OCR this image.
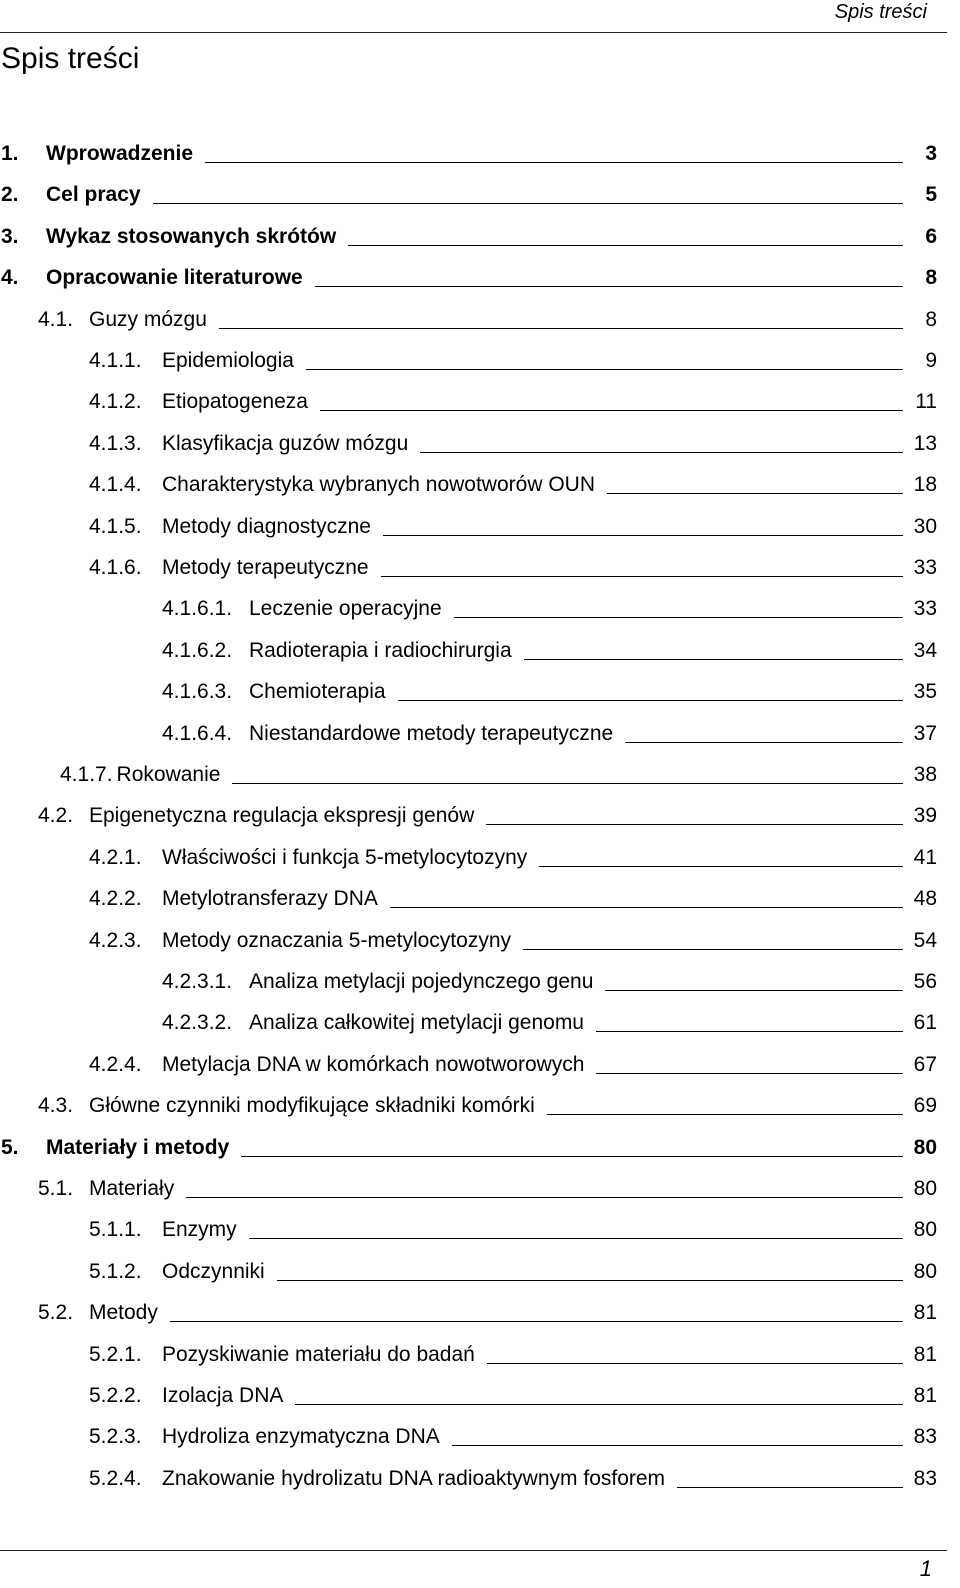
Spis treści
Spis treści
1. Wprowadzenie	3
2. Cel pracy	5
3. Wykaz stosowanych skrótów	6
4. Opracowanie literaturowe	8
4.1. Guzy mózgu	8
4.1.1. Epidemiologia	9
4.1.2. Etiopatogeneza	11
4.1.3. Klasyfikacja guzów mózgu	13
4.1.4. Charakterystyka wybranych nowotworów OUN	18
4.1.5. Metody diagnostyczne	30
4.1.6. Metody terapeutyczne	33
4.1.6.1. Leczenie operacyjne	33
4.1.6.2. Radioterapia i radiochirurgia	34
4.1.6.3. Chemioterapia	35
4.1.6.4. Niestandardowe metody terapeutyczne	37
4.1.7. Rokowanie	38
4.2. Epigenetyczna regulacja ekspresji genów	39
4.2.1. Właściwości i funkcja 5-metylocytozyny	41
4.2.2. Metylotransferazy DNA	48
4.2.3. Metody oznaczania 5-metylocytozyny	54
4.2.3.1. Analiza metylacji pojedynczego genu	56
4.2.3.2. Analiza całkowitej metylacji genomu	61
4.2.4. Metylacja DNA w komórkach nowotworowych	67
4.3. Główne czynniki modyfikujące składniki komórki	69
5. Materiały i metody	80
5.1. Materiały	80
5.1.1. Enzymy	80
5.1.2. Odczynniki	80
5.2. Metody	81
5.2.1. Pozyskiwanie materiału do badań	81
5.2.2. Izolacja DNA	81
5.2.3. Hydroliza enzymatyczna DNA	83
5.2.4. Znakowanie hydrolizatu DNA radioaktywnym fosforem	83
1
